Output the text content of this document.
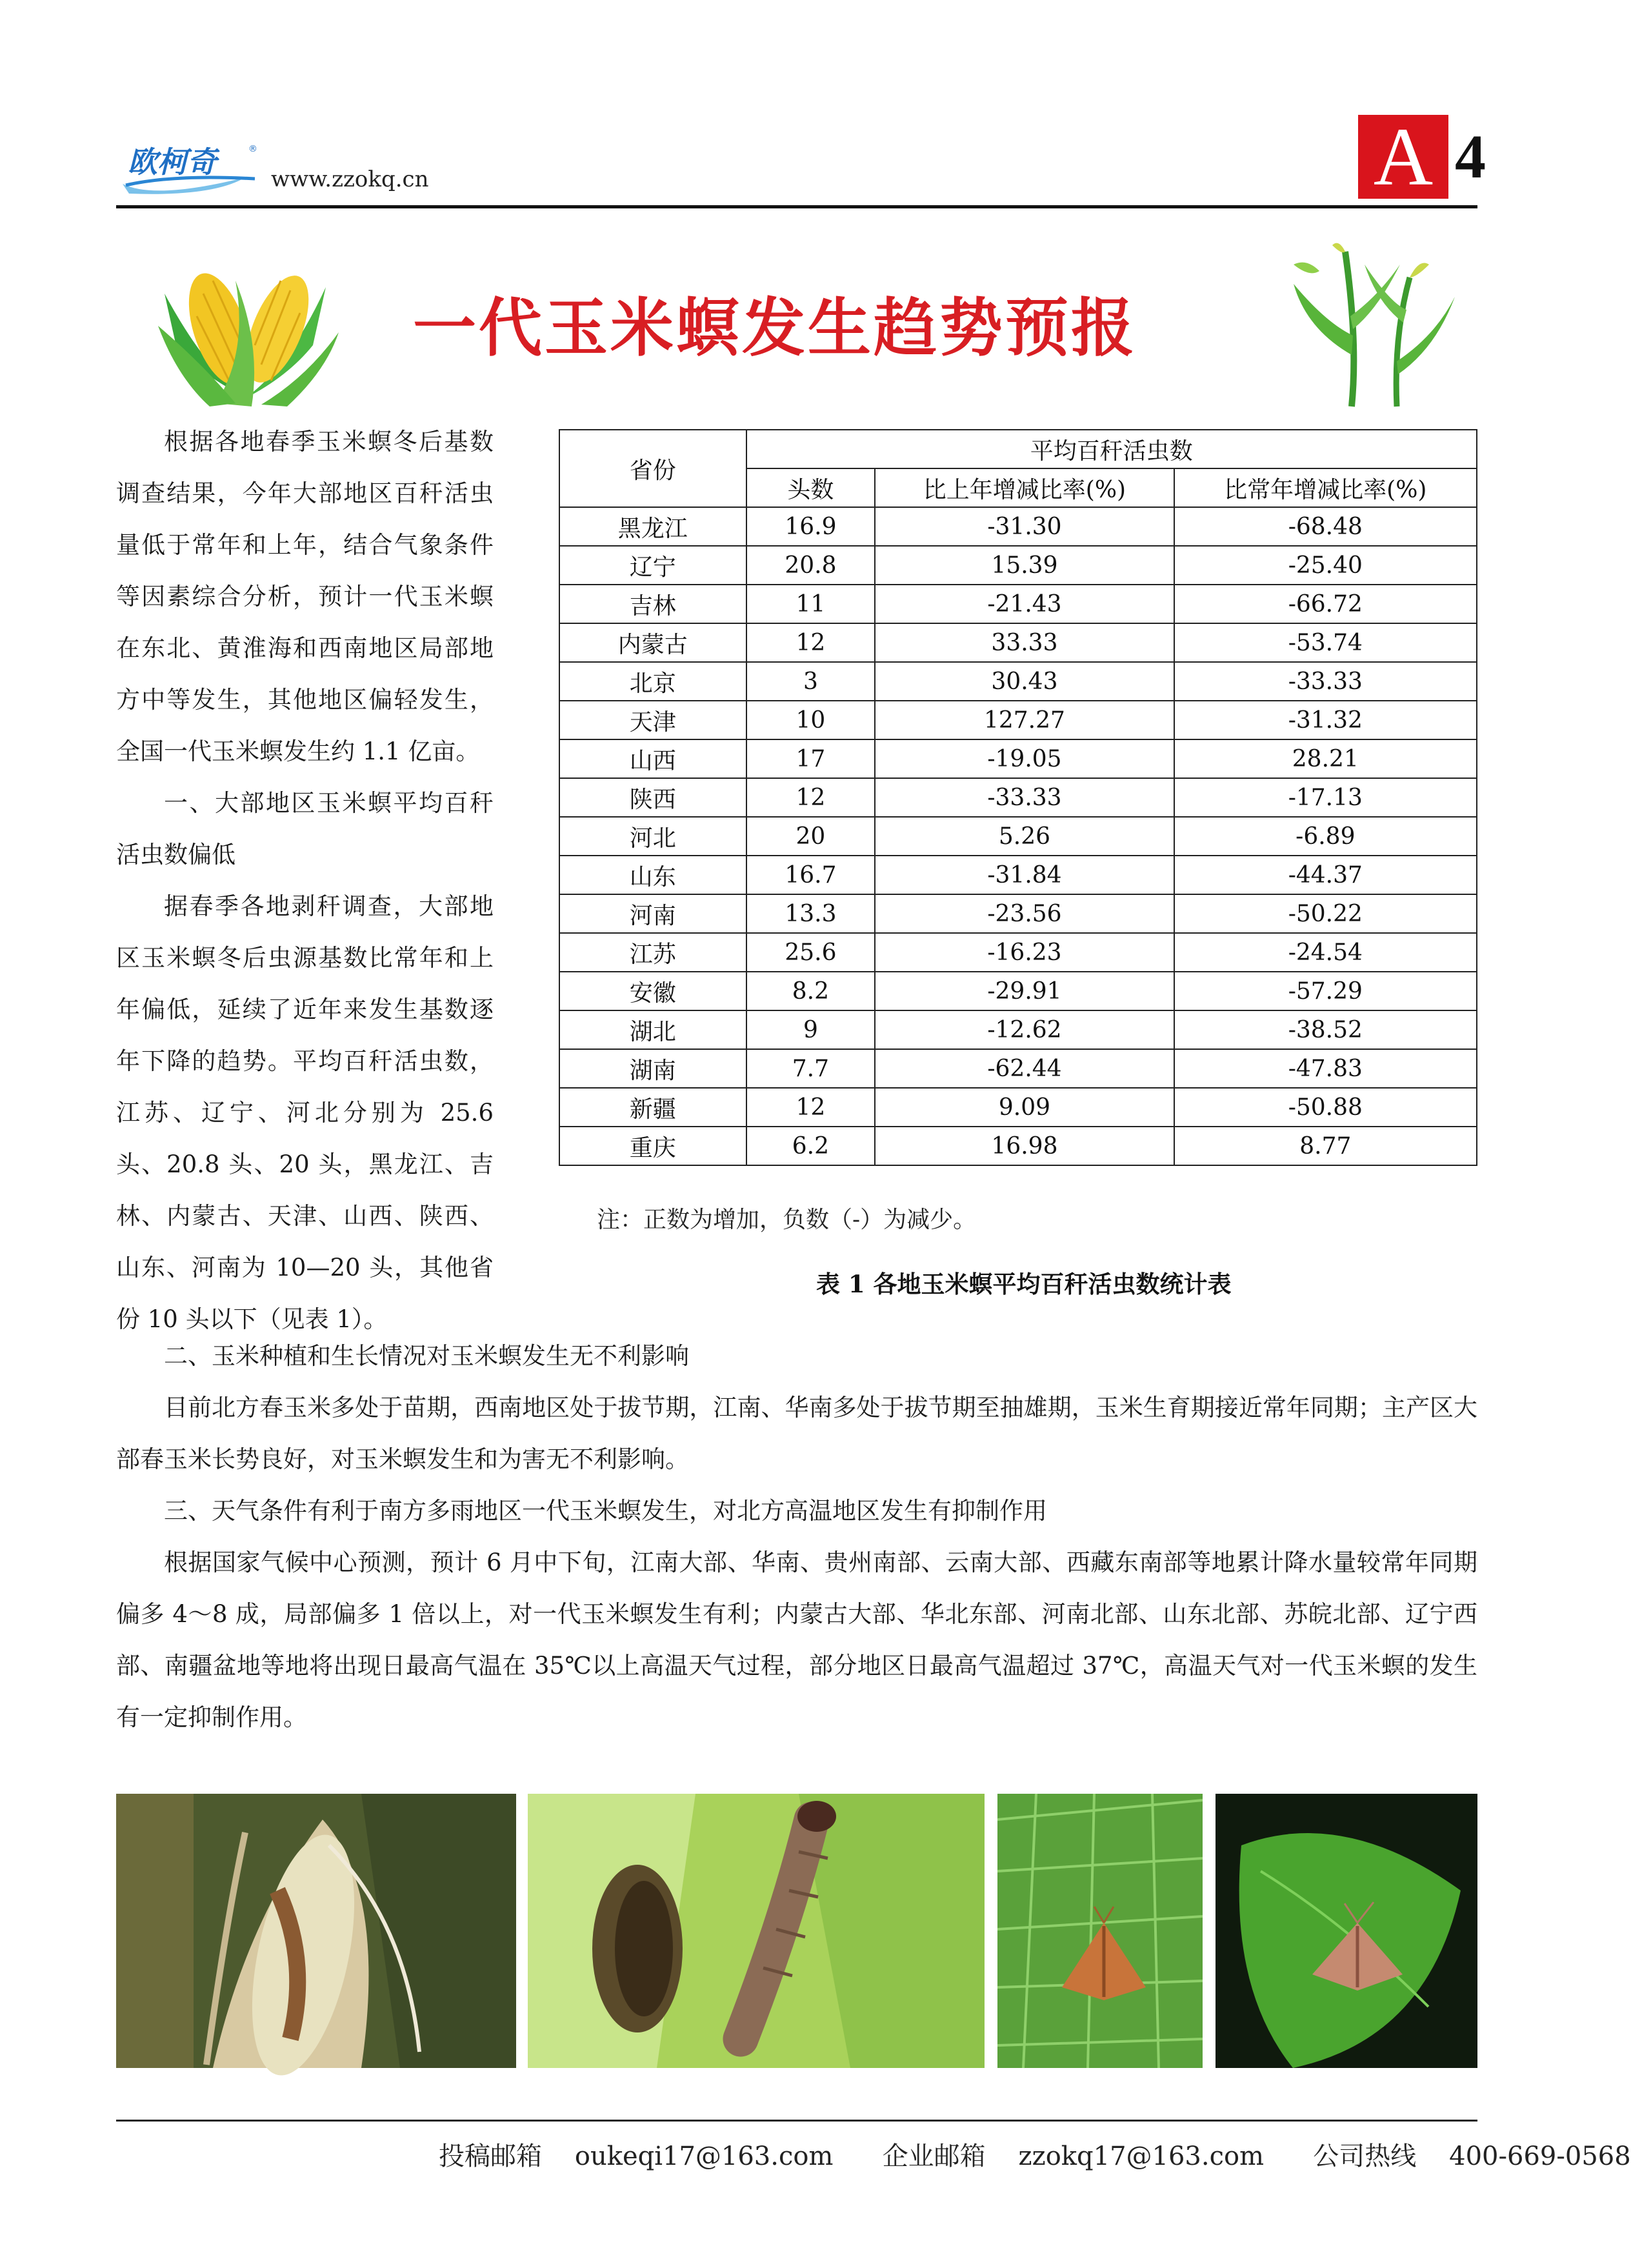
欧柯奇	®
www.zzokq.cn	A 4
一代玉米螟发生趋势预报

根据各地春季玉米螟冬后基数调查结果，今年大部地区百秆活虫量低于常年和上年，结合气象条件等因素综合分析，预计一代玉米螟在东北、黄淮海和西南地区局部地方中等发生，其他地区偏轻发生，全国一代玉米螟发生约 1.1 亿亩。

一、大部地区玉米螟平均百秆活虫数偏低

据春季各地剥秆调查，大部地区玉米螟冬后虫源基数比常年和上年偏低，延续了近年来发生基数逐年下降的趋势。平均百秆活虫数，江苏、辽宁、河北分别为 25.6 头、20.8 头、20 头，黑龙江、吉林、内蒙古、天津、山西、陕西、山东、河南为 10—20 头，其他省份 10 头以下（见表 1）。

省份	平均百秆活虫数		
	头数	比上年增减比率(%)	比常年增减比率(%)
黑龙江	16.9	-31.30	-68.48
辽宁	20.8	15.39	-25.40
吉林	11	-21.43	-66.72
内蒙古	12	33.33	-53.74
北京	3	30.43	-33.33
天津	10	127.27	-31.32
山西	17	-19.05	28.21
陕西	12	-33.33	-17.13
河北	20	5.26	-6.89
山东	16.7	-31.84	-44.37
河南	13.3	-23.56	-50.22
江苏	25.6	-16.23	-24.54
安徽	8.2	-29.91	-57.29
湖北	9	-12.62	-38.52
湖南	7.7	-62.44	-47.83
新疆	12	9.09	-50.88
重庆	6.2	16.98	8.77
注：正数为增加，负数（-）为减少。
表 1 各地玉米螟平均百秆活虫数统计表

二、玉米种植和生长情况对玉米螟发生无不利影响

目前北方春玉米多处于苗期，西南地区处于拔节期，江南、华南多处于拔节期至抽雄期，玉米生育期接近常年同期；主产区大部春玉米长势良好，对玉米螟发生和为害无不利影响。

三、天气条件有利于南方多雨地区一代玉米螟发生，对北方高温地区发生有抑制作用

根据国家气候中心预测，预计 6 月中下旬，江南大部、华南、贵州南部、云南大部、西藏东南部等地累计降水量较常年同期偏多 4～8 成，局部偏多 1 倍以上，对一代玉米螟发生有利；内蒙古大部、华北东部、河南北部、山东北部、苏皖北部、辽宁西部、南疆盆地等地将出现日最高气温在 35℃以上高温天气过程，部分地区日最高气温超过 37℃，高温天气对一代玉米螟的发生有一定抑制作用。

投稿邮箱 oukeqi17@163.com 企业邮箱 zzokq17@163.com 公司热线 400-669-0568
